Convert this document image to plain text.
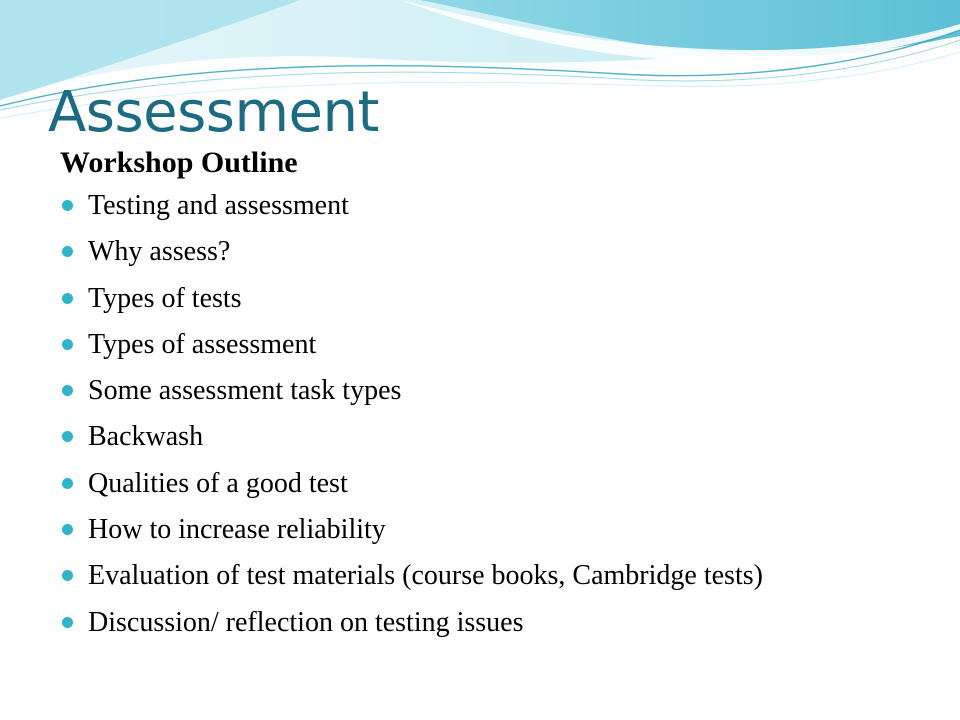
Assessment
Workshop Outline
Testing and assessment
Why assess?
Types of tests
Types of assessment
Some assessment task types
Backwash
Qualities of a good test
How to increase reliability
Evaluation of test materials (course books, Cambridge tests)
Discussion/ reflection on testing issues
